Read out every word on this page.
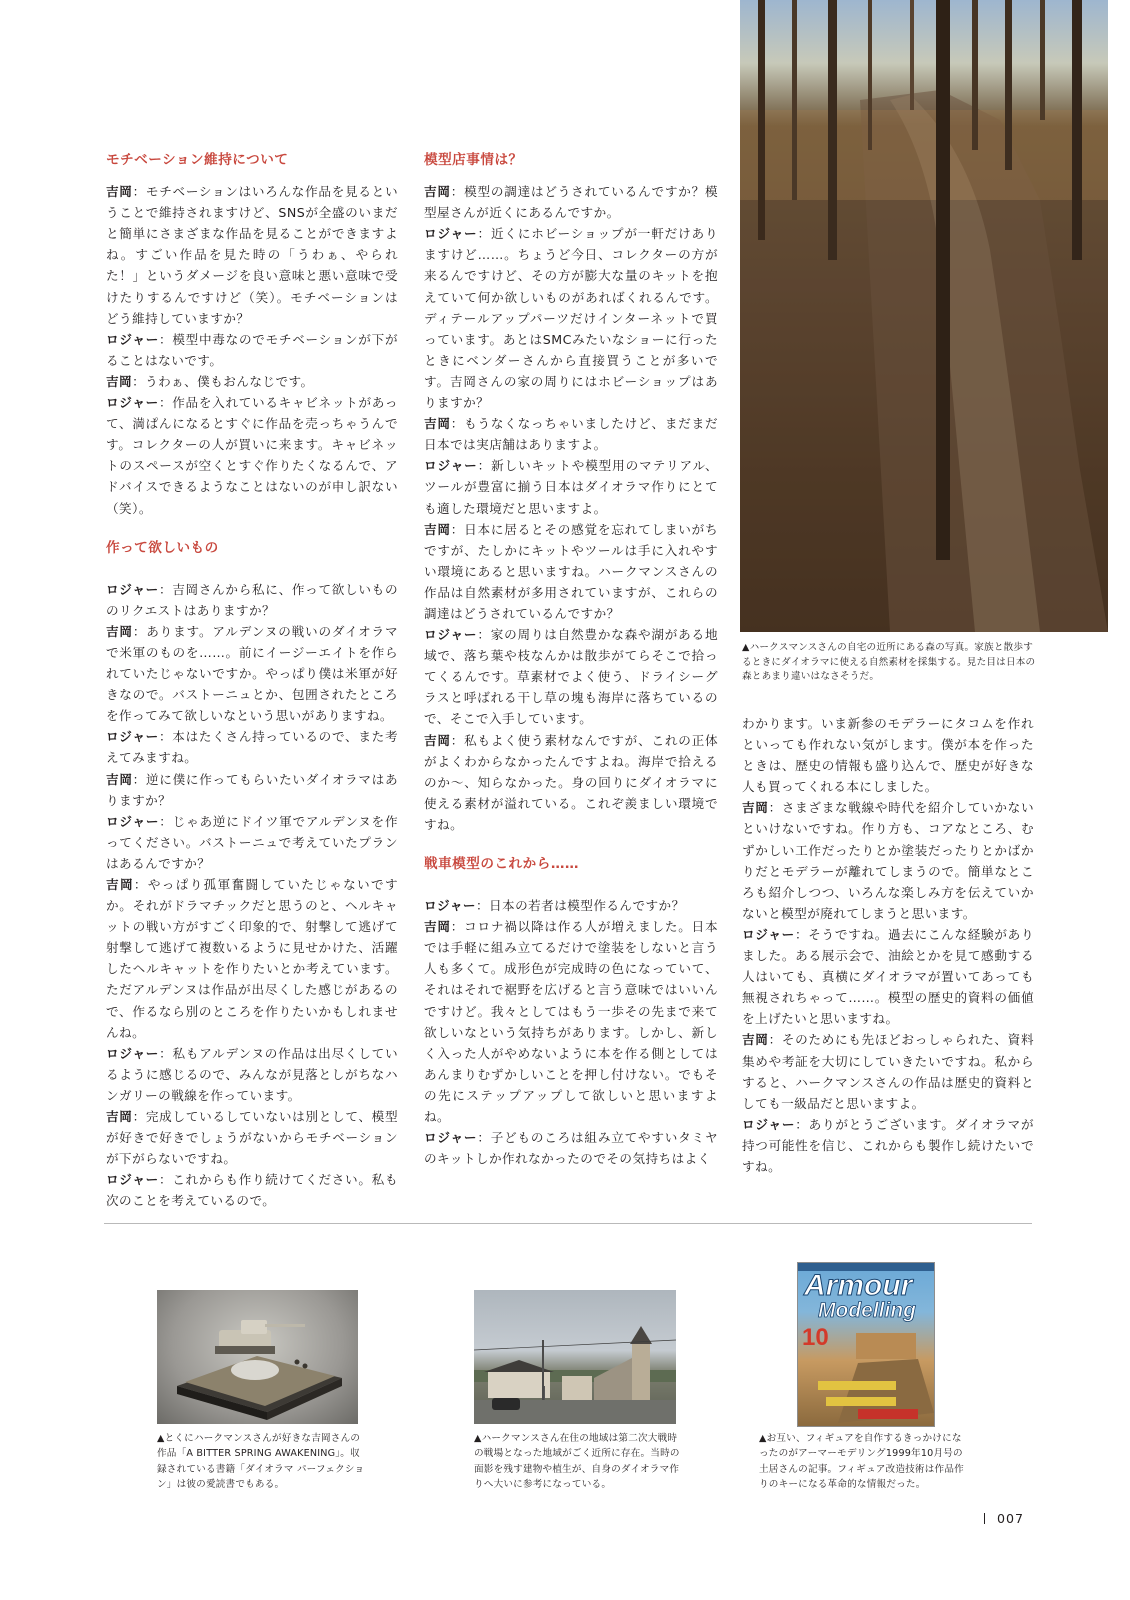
モチベーション維持について

吉岡：モチベーションはいろんな作品を見るということで維持されますけど、SNSが全盛のいまだと簡単にさまざまな作品を見ることができますよね。すごい作品を見た時の「うわぁ、やられた！」というダメージを良い意味と悪い意味で受けたりするんですけど（笑）。モチベーションはどう維持していますか？

ロジャー：模型中毒なのでモチベーションが下がることはないです。

吉岡：うわぁ、僕もおんなじです。

ロジャー：作品を入れているキャビネットがあって、満ぱんになるとすぐに作品を売っちゃうんです。コレクターの人が買いに来ます。キャビネットのスペースが空くとすぐ作りたくなるんで、アドバイスできるようなことはないのが申し訳ない（笑）。

作って欲しいもの

ロジャー：吉岡さんから私に、作って欲しいもののリクエストはありますか？

吉岡：あります。アルデンヌの戦いのダイオラマで米軍のものを……。前にイージーエイトを作られていたじゃないですか。やっぱり僕は米軍が好きなので。バストーニュとか、包囲されたところを作ってみて欲しいなという思いがありますね。

ロジャー：本はたくさん持っているので、また考えてみますね。

吉岡：逆に僕に作ってもらいたいダイオラマはありますか？

ロジャー：じゃあ逆にドイツ軍でアルデンヌを作ってください。バストーニュで考えていたプランはあるんですか？

吉岡：やっぱり孤軍奮闘していたじゃないですか。それがドラマチックだと思うのと、ヘルキャットの戦い方がすごく印象的で、射撃して逃げて射撃して逃げて複数いるように見せかけた、活躍したヘルキャットを作りたいとか考えています。ただアルデンヌは作品が出尽くした感じがあるので、作るなら別のところを作りたいかもしれませんね。

ロジャー：私もアルデンヌの作品は出尽くしているように感じるので、みんなが見落としがちなハンガリーの戦線を作っています。

吉岡：完成しているしていないは別として、模型が好きで好きでしょうがないからモチベーションが下がらないですね。

ロジャー：これからも作り続けてください。私も次のことを考えているので。

模型店事情は？

吉岡：模型の調達はどうされているんですか？模型屋さんが近くにあるんですか。

ロジャー：近くにホビーショップが一軒だけありますけど……。ちょうど今日、コレクターの方が来るんですけど、その方が膨大な量のキットを抱えていて何か欲しいものがあればくれるんです。ディテールアップパーツだけインターネットで買っています。あとはSMCみたいなショーに行ったときにベンダーさんから直接買うことが多いです。吉岡さんの家の周りにはホビーショップはありますか？

吉岡：もうなくなっちゃいましたけど、まだまだ日本では実店舗はありますよ。

ロジャー：新しいキットや模型用のマテリアル、ツールが豊富に揃う日本はダイオラマ作りにとても適した環境だと思いますよ。

吉岡：日本に居るとその感覚を忘れてしまいがちですが、たしかにキットやツールは手に入れやすい環境にあると思いますね。ハークマンスさんの作品は自然素材が多用されていますが、これらの調達はどうされているんですか？

ロジャー：家の周りは自然豊かな森や湖がある地域で、落ち葉や枝なんかは散歩がてらそこで拾ってくるんです。草素材でよく使う、ドライシーグラスと呼ばれる干し草の塊も海岸に落ちているので、そこで入手しています。

吉岡：私もよく使う素材なんですが、これの正体がよくわからなかったんですよね。海岸で拾えるのか～、知らなかった。身の回りにダイオラマに使える素材が溢れている。これぞ羨ましい環境ですね。

戦車模型のこれから……

ロジャー：日本の若者は模型作るんですか？

吉岡：コロナ禍以降は作る人が増えました。日本では手軽に組み立てるだけで塗装をしないと言う人も多くて。成形色が完成時の色になっていて、それはそれで裾野を広げると言う意味ではいいんですけど。我々としてはもう一歩その先まで来て欲しいなという気持ちがあります。しかし、新しく入った人がやめないように本を作る側としてはあんまりむずかしいことを押し付けない。でもその先にステップアップして欲しいと思いますよね。

ロジャー：子どものころは組み立てやすいタミヤのキットしか作れなかったのでその気持ちはよく

▲ハークスマンスさんの自宅の近所にある森の写真。家族と散歩するときにダイオラマに使える自然素材を採集する。見た目は日本の森とあまり違いはなさそうだ。

わかります。いま新参のモデラーにタコムを作れといっても作れない気がします。僕が本を作ったときは、歴史の情報も盛り込んで、歴史が好きな人も買ってくれる本にしました。

吉岡：さまざまな戦線や時代を紹介していかないといけないですね。作り方も、コアなところ、むずかしい工作だったりとか塗装だったりとかばかりだとモデラーが離れてしまうので。簡単なところも紹介しつつ、いろんな楽しみ方を伝えていかないと模型が廃れてしまうと思います。

ロジャー：そうですね。過去にこんな経験がありました。ある展示会で、油絵とかを見て感動する人はいても、真横にダイオラマが置いてあっても無視されちゃって……。模型の歴史的資料の価値を上げたいと思いますね。

吉岡：そのためにも先ほどおっしゃられた、資料集めや考証を大切にしていきたいですね。私からすると、ハークマンスさんの作品は歴史的資料としても一級品だと思いますよ。

ロジャー：ありがとうございます。ダイオラマが持つ可能性を信じ、これからも製作し続けたいですね。

▲とくにハークマンスさんが好きな吉岡さんの作品「A BITTER SPRING AWAKENING」。収録されている書籍「ダイオラマ パーフェクション」は彼の愛読書でもある。
▲ハークマンスさん在住の地域は第二次大戦時の戦場となった地域がごく近所に存在。当時の面影を残す建物や植生が、自身のダイオラマ作りへ大いに参考になっている。
Armour
Modelling
10
▲お互い、フィギュアを自作するきっかけになったのがアーマーモデリング1999年10月号の土居さんの記事。フィギュア改造技術は作品作りのキーになる革命的な情報だった。
007
